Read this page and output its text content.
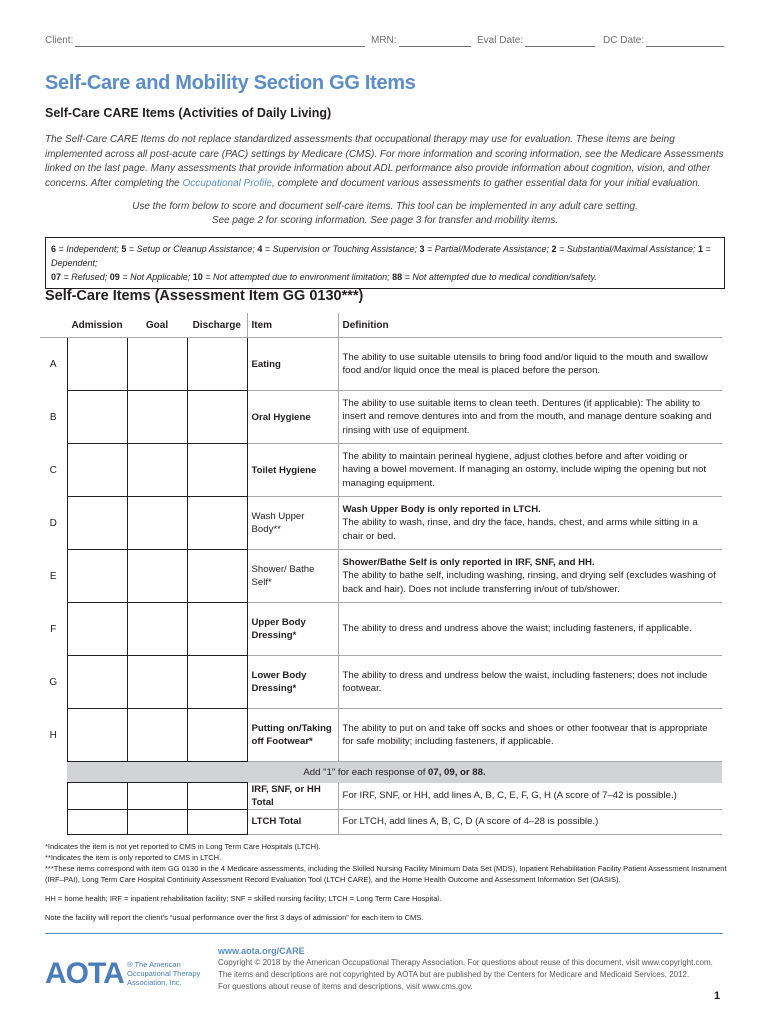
Client:	MRN:	Eval Date:	DC Date:
Self-Care and Mobility Section GG Items
Self-Care CARE Items (Activities of Daily Living)
The Self-Care CARE Items do not replace standardized assessments that occupational therapy may use for evaluation. These items are being implemented across all post-acute care (PAC) settings by Medicare (CMS). For more information and scoring information, see the Medicare Assessments linked on the last page. Many assessments that provide information about ADL performance also provide information about cognition, vision, and other concerns. After completing the Occupational Profile, complete and document various assessments to gather essential data for your initial evaluation.
Use the form below to score and document self-care items. This tool can be implemented in any adult care setting.
See page 2 for scoring information. See page 3 for transfer and mobility items.
6 = Independent; 5 = Setup or Cleanup Assistance; 4 = Supervision or Touching Assistance; 3 = Partial/Moderate Assistance; 2 = Substantial/Maximal Assistance; 1 = Dependent;
07 = Refused; 09 = Not Applicable; 10 = Not attempted due to environment limitation; 88 = Not attempted due to medical condition/safety.
Self-Care Items (Assessment Item GG 0130***)
	Admission	Goal	Discharge	Item	Definition
A				Eating	The ability to use suitable utensils to bring food and/or liquid to the mouth and swallow food and/or liquid once the meal is placed before the person.
B				Oral Hygiene	The ability to use suitable items to clean teeth. Dentures (if applicable): The ability to insert and remove dentures into and from the mouth, and manage denture soaking and rinsing with use of equipment.
C				Toilet Hygiene	The ability to maintain perineal hygiene, adjust clothes before and after voiding or having a bowel movement. If managing an ostomy, include wiping the opening but not managing equipment.
D				Wash Upper Body**	Wash Upper Body is only reported in LTCH.
The ability to wash, rinse, and dry the face, hands, chest, and arms while sitting in a chair or bed.
E				Shower/ Bathe Self*	Shower/Bathe Self is only reported in IRF, SNF, and HH.
The ability to bathe self, including washing, rinsing, and drying self (excludes washing of back and hair). Does not include transferring in/out of tub/shower.
F				Upper Body Dressing*	The ability to dress and undress above the waist; including fasteners, if applicable.
G				Lower Body Dressing*	The ability to dress and undress below the waist, including fasteners; does not include footwear.
H				Putting on/Taking off Footwear*	The ability to put on and take off socks and shoes or other footwear that is appropriate for safe mobility; including fasteners, if applicable.
	Add "1" for each response of 07, 09, or 88.				
				IRF, SNF, or HH Total	For IRF, SNF, or HH, add lines A, B, C, E, F, G, H (A score of 7–42 is possible.)
				LTCH Total	For LTCH, add lines A, B, C, D (A score of 4–28 is possible.)

*Indicates the item is not yet reported to CMS in Long Term Care Hospitals (LTCH).

**Indicates the item is only reported to CMS in LTCH.

***These items correspond with item GG 0130 in the 4 Medicare assessments, including the Skilled Nursing Facility Minimum Data Set (MDS), Inpatient Rehabilitation Facility Patient Assessment Instrument (IRF–PAI), Long Term Care Hospital Continuity Assessment Record Evaluation Tool (LTCH CARE), and the Home Health Outcome and Assessment Information Set (OASIS).

HH = home health; IRF = inpatient rehabilitation facility; SNF = skilled nursing facility; LTCH = Long Term Care Hospital.

Note the facility will report the client’s “usual performance over the first 3 days of admission” for each item to CMS.

AOTA ® The American
Occupational Therapy
Association, Inc.
www.aota.org/CARE
Copyright © 2018 by the American Occupational Therapy Association. For questions about reuse of this document, visit www.copyright.com.
The items and descriptions are not copyrighted by AOTA but are published by the Centers for Medicare and Medicaid Services, 2012.
For questions about reuse of items and descriptions, visit www.cms.gov.
1
